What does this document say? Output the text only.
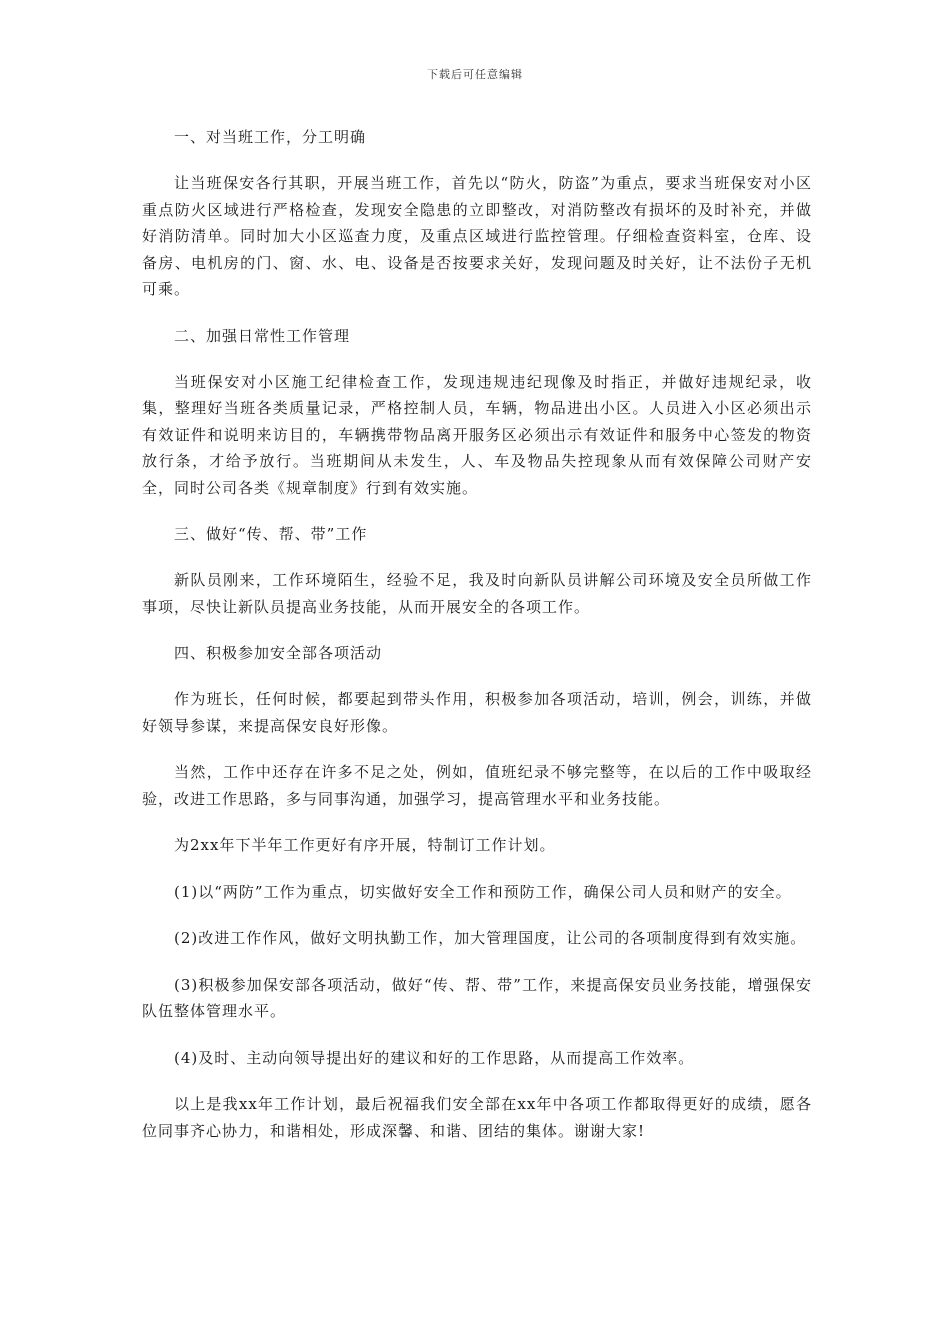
下载后可任意编辑

一、对当班工作，分工明确

让当班保安各行其职，开展当班工作，首先以“防火，防盗”为重点，要求当班保安对小区重点防火区域进行严格检查，发现安全隐患的立即整改，对消防整改有损坏的及时补充，并做好消防清单。同时加大小区巡查力度，及重点区域进行监控管理。仔细检查资料室，仓库、设备房、电机房的门、窗、水、电、设备是否按要求关好，发现问题及时关好，让不法份子无机可乘。

二、加强日常性工作管理

当班保安对小区施工纪律检查工作，发现违规违纪现像及时指正，并做好违规纪录，收集，整理好当班各类质量记录，严格控制人员，车辆，物品进出小区。人员进入小区必须出示有效证件和说明来访目的，车辆携带物品离开服务区必须出示有效证件和服务中心签发的物资放行条，才给予放行。当班期间从未发生，人、车及物品失控现象从而有效保障公司财产安全，同时公司各类《规章制度》行到有效实施。

三、做好“传、帮、带”工作

新队员刚来，工作环境陌生，经验不足，我及时向新队员讲解公司环境及安全员所做工作事项，尽快让新队员提高业务技能，从而开展安全的各项工作。

四、积极参加安全部各项活动

作为班长，任何时候，都要起到带头作用，积极参加各项活动，培训，例会，训练，并做好领导参谋，来提高保安良好形像。

当然，工作中还存在许多不足之处，例如，值班纪录不够完整等，在以后的工作中吸取经验，改进工作思路，多与同事沟通，加强学习，提高管理水平和业务技能。

为2xx年下半年工作更好有序开展，特制订工作计划。

(1)以“两防”工作为重点，切实做好安全工作和预防工作，确保公司人员和财产的安全。

(2)改进工作作风，做好文明执勤工作，加大管理国度，让公司的各项制度得到有效实施。

(3)积极参加保安部各项活动，做好“传、帮、带”工作，来提高保安员业务技能，增强保安队伍整体管理水平。

(4)及时、主动向领导提出好的建议和好的工作思路，从而提高工作效率。

以上是我xx年工作计划，最后祝福我们安全部在xx年中各项工作都取得更好的成绩，愿各位同事齐心协力，和谐相处，形成深馨、和谐、团结的集体。谢谢大家!
